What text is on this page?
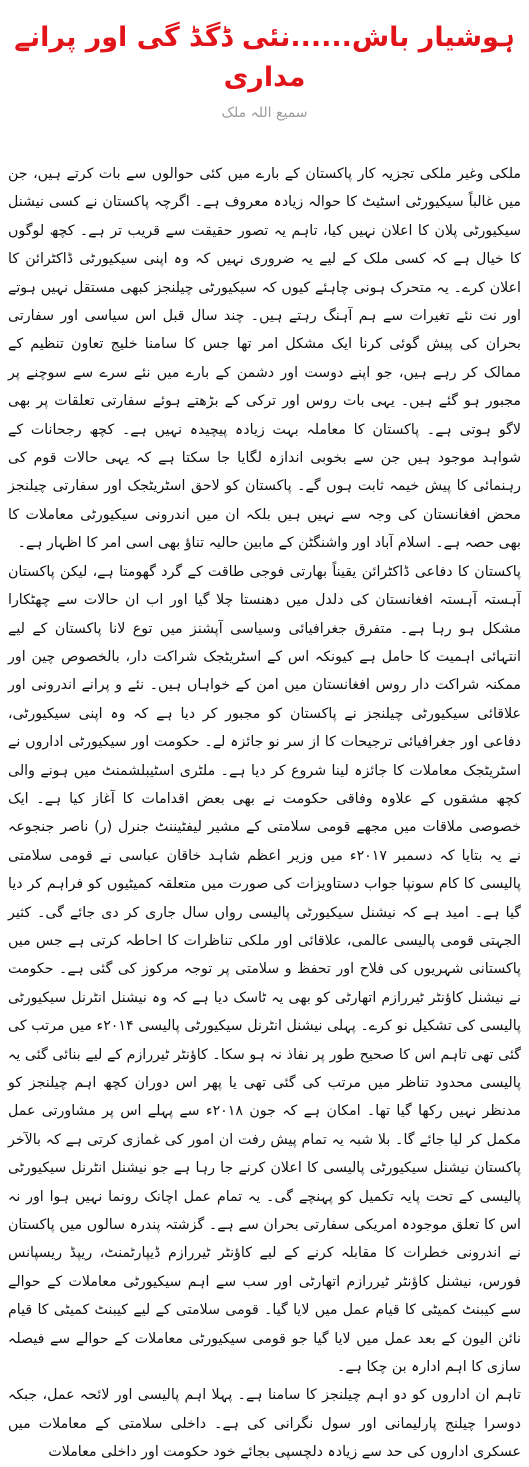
ہوشیار باش......نئی ڈگڈ گی اور پرانے مداری
سمیع اللہ ملک

ملکی وغیر ملکی تجزیہ کار پاکستان کے بارے میں کئی حوالوں سے بات کرتے ہیں، جن میں غالباً سیکیورٹی اسٹیٹ کا حوالہ زیادہ معروف ہے۔ اگرچہ پاکستان نے کسی نیشنل سیکیورٹی پلان کا اعلان نہیں کیا، تاہم یہ تصور حقیقت سے قریب تر ہے۔ کچھ لوگوں کا خیال ہے کہ کسی ملک کے لیے یہ ضروری نہیں کہ وہ اپنی سیکیورٹی ڈاکٹرائن کا اعلان کرے۔ یہ متحرک ہونی چاہئے کیوں کہ سیکیورٹی چیلنجز کبھی مستقل نہیں ہوتے اور نت نئے تغیرات سے ہم آہنگ رہتے ہیں۔ چند سال قبل اس سیاسی اور سفارتی بحران کی پیش گوئی کرنا ایک مشکل امر تھا جس کا سامنا خلیج تعاون تنظیم کے ممالک کر رہے ہیں، جو اپنے دوست اور دشمن کے بارے میں نئے سرے سے سوچنے پر مجبور ہو گئے ہیں۔ یہی بات روس اور ترکی کے بڑھتے ہوئے سفارتی تعلقات پر بھی لاگو ہوتی ہے۔ پاکستان کا معاملہ بہت زیادہ پیچیدہ نہیں ہے۔ کچھ رجحانات کے شواہد موجود ہیں جن سے بخوبی اندازہ لگایا جا سکتا ہے کہ یہی حالات قوم کی رہنمائی کا پیش خیمہ ثابت ہوں گے۔ پاکستان کو لاحق اسٹریٹجک اور سفارتی چیلنجز محض افغانستان کی وجہ سے نہیں ہیں بلکہ ان میں اندرونی سیکیورٹی معاملات کا بھی حصہ ہے۔ اسلام آباد اور واشنگٹن کے مابین حالیہ تناؤ بھی اسی امر کا اظہار ہے۔

پاکستان کا دفاعی ڈاکٹرائن یقیناً بھارتی فوجی طاقت کے گرد گھومتا ہے، لیکن پاکستان آہستہ آہستہ افغانستان کی دلدل میں دھنستا چلا گیا اور اب ان حالات سے چھٹکارا مشکل ہو رہا ہے۔ متفرق جغرافیائی وسیاسی آپشنز میں توع لانا پاکستان کے لیے انتہائی اہمیت کا حامل ہے کیونکہ اس کے اسٹریٹجک شراکت دار، بالخصوص چین اور ممکنہ شراکت دار روس افغانستان میں امن کے خواہاں ہیں۔ نئے و پرانے اندرونی اور علاقائی سیکیورٹی چیلنجز نے پاکستان کو مجبور کر دیا ہے کہ وہ اپنی سیکیورٹی، دفاعی اور جغرافیائی ترجیحات کا از سر نو جائزہ لے۔ حکومت اور سیکیورٹی اداروں نے اسٹریٹجک معاملات کا جائزہ لینا شروع کر دیا ہے۔ ملٹری اسٹیبلشمنٹ میں ہونے والی کچھ مشقوں کے علاوہ وفاقی حکومت نے بھی بعض اقدامات کا آغاز کیا ہے۔ ایک خصوصی ملاقات میں مجھے قومی سلامتی کے مشیر لیفٹیننٹ جنرل (ر) ناصر جنجوعہ نے یہ بتایا کہ دسمبر ۲۰۱۷ء میں وزیر اعظم شاہد خاقان عباسی نے قومی سلامتی پالیسی کا کام سونپا جواب دستاویزات کی صورت میں متعلقہ کمیٹیوں کو فراہم کر دیا گیا ہے۔ امید ہے کہ نیشنل سیکیورٹی پالیسی رواں سال جاری کر دی جائے گی۔ کثیر الجہتی قومی پالیسی عالمی، علاقائی اور ملکی تناظرات کا احاطہ کرتی ہے جس میں پاکستانی شہریوں کی فلاح اور تحفظ و سلامتی پر توجہ مرکوز کی گئی ہے۔ حکومت نے نیشنل کاؤنٹر ٹیررازم اتھارٹی کو بھی یہ ٹاسک دیا ہے کہ وہ نیشنل انٹرنل سیکیورٹی پالیسی کی تشکیل نو کرے۔ پہلی نیشنل انٹرنل سیکیورٹی پالیسی ۲۰۱۴ء میں مرتب کی گئی تھی تاہم اس کا صحیح طور پر نفاذ نہ ہو سکا۔ کاؤنٹر ٹیررازم کے لیے بنائی گئی یہ پالیسی محدود تناظر میں مرتب کی گئی تھی یا پھر اس دوران کچھ اہم چیلنجز کو مدنظر نہیں رکھا گیا تھا۔ امکان ہے کہ جون ۲۰۱۸ء سے پہلے اس پر مشاورتی عمل مکمل کر لیا جائے گا۔ بلا شبہ یہ تمام پیش رفت ان امور کی غمازی کرتی ہے کہ بالآخر پاکستان نیشنل سیکیورٹی پالیسی کا اعلان کرنے جا رہا ہے جو نیشنل انٹرنل سیکیورٹی پالیسی کے تحت پایہ تکمیل کو پہنچے گی۔ یہ تمام عمل اچانک رونما نہیں ہوا اور نہ اس کا تعلق موجودہ امریکی سفارتی بحران سے ہے۔ گزشتہ پندرہ سالوں میں پاکستان نے اندرونی خطرات کا مقابلہ کرنے کے لیے کاؤنٹر ٹیررازم ڈیپارٹمنٹ، ریپڈ ریسپانس فورس، نیشنل کاؤنٹر ٹیررازم اتھارٹی اور سب سے اہم سیکیورٹی معاملات کے حوالے سے کیبنٹ کمیٹی کا قیام عمل میں لایا گیا۔ قومی سلامتی کے لیے کیبنٹ کمیٹی کا قیام نائن الیون کے بعد عمل میں لایا گیا جو قومی سیکیورٹی معاملات کے حوالے سے فیصلہ سازی کا اہم ادارہ بن چکا ہے۔

تاہم ان اداروں کو دو اہم چیلنجز کا سامنا ہے۔ پہلا اہم پالیسی اور لائحہ عمل، جبکہ دوسرا چیلنج پارلیمانی اور سول نگرانی کی ہے۔ داخلی سلامتی کے معاملات میں عسکری اداروں کی حد سے زیادہ دلچسپی بجائے خود حکومت اور داخلی معاملات
